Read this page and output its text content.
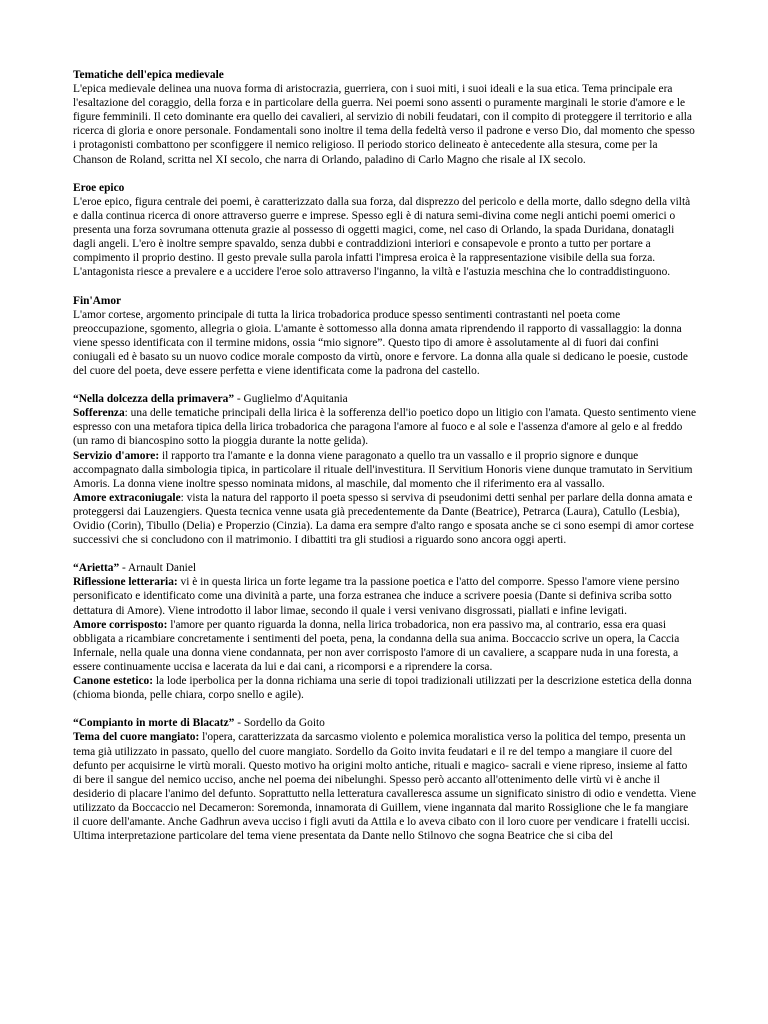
Tematiche dell'epica medievale

L'epica medievale delinea una nuova forma di aristocrazia, guerriera, con i suoi miti, i suoi ideali e la sua etica. Tema principale era l'esaltazione del coraggio, della forza e in particolare della guerra. Nei poemi sono assenti o puramente marginali le storie d'amore e le figure femminili. Il ceto dominante era quello dei cavalieri, al servizio di nobili feudatari, con il compito di proteggere il territorio e alla ricerca di gloria e onore personale. Fondamentali sono inoltre il tema della fedeltà verso il padrone e verso Dio, dal momento che spesso i protagonisti combattono per sconfiggere il nemico religioso. Il periodo storico delineato è antecedente alla stesura, come per la Chanson de Roland, scritta nel XI secolo, che narra di Orlando, paladino di Carlo Magno che risale al IX secolo.

Eroe epico

L'eroe epico, figura centrale dei poemi, è caratterizzato dalla sua forza, dal disprezzo del pericolo e della morte, dallo sdegno della viltà e dalla continua ricerca di onore attraverso guerre e imprese. Spesso egli è di natura semi-divina come negli antichi poemi omerici o presenta una forza sovrumana ottenuta grazie al possesso di oggetti magici, come, nel caso di Orlando, la spada Duridana, donatagli dagli angeli. L'ero è inoltre sempre spavaldo, senza dubbi e contraddizioni interiori e consapevole e pronto a tutto per portare a compimento il proprio destino. Il gesto prevale sulla parola infatti l'impresa eroica è la rappresentazione visibile della sua forza. L'antagonista riesce a prevalere e a uccidere l'eroe solo attraverso l'inganno, la viltà e l'astuzia meschina che lo contraddistinguono.

Fin'Amor

L'amor cortese, argomento principale di tutta la lirica trobadorica produce spesso sentimenti contrastanti nel poeta come preoccupazione, sgomento, allegria o gioia. L'amante è sottomesso alla donna amata riprendendo il rapporto di vassallaggio: la donna viene spesso identificata con il termine midons, ossia “mio signore”. Questo tipo di amore è assolutamente al di fuori dai confini coniugali ed è basato su un nuovo codice morale composto da virtù, onore e fervore. La donna alla quale si dedicano le poesie, custode del cuore del poeta, deve essere perfetta e viene identificata come la padrona del castello.

“Nella dolcezza della primavera” - Guglielmo d'Aquitania

Sofferenza: una delle tematiche principali della lirica è la sofferenza dell'io poetico dopo un litigio con l'amata. Questo sentimento viene espresso con una metafora tipica della lirica trobadorica che paragona l'amore al fuoco e al sole e l'assenza d'amore al gelo e al freddo (un ramo di biancospino sotto la pioggia durante la notte gelida).

Servizio d'amore: il rapporto tra l'amante e la donna viene paragonato a quello tra un vassallo e il proprio signore e dunque accompagnato dalla simbologia tipica, in particolare il rituale dell'investitura. Il Servitium Honoris viene dunque tramutato in Servitium Amoris. La donna viene inoltre spesso nominata midons, al maschile, dal momento che il riferimento era al vassallo.

Amore extraconiugale: vista la natura del rapporto il poeta spesso si serviva di pseudonimi detti senhal per parlare della donna amata e proteggersi dai Lauzengiers. Questa tecnica venne usata già precedentemente da Dante (Beatrice), Petrarca (Laura), Catullo (Lesbia), Ovidio (Corin), Tibullo (Delia) e Properzio (Cinzia). La dama era sempre d'alto rango e sposata anche se ci sono esempi di amor cortese successivi che si concludono con il matrimonio. I dibattiti tra gli studiosi a riguardo sono ancora oggi aperti.

“Arietta” - Arnault Daniel

Riflessione letteraria: vi è in questa lirica un forte legame tra la passione poetica e l'atto del comporre. Spesso l'amore viene persino personificato e identificato come una divinità a parte, una forza estranea che induce a scrivere poesia (Dante si definiva scriba sotto dettatura di Amore). Viene introdotto il labor limae, secondo il quale i versi venivano disgrossati, piallati e infine levigati.

Amore corrisposto: l'amore per quanto riguarda la donna, nella lirica trobadorica, non era passivo ma, al contrario, essa era quasi obbligata a ricambiare concretamente i sentimenti del poeta, pena, la condanna della sua anima. Boccaccio scrive un opera, la Caccia Infernale, nella quale una donna viene condannata, per non aver corrisposto l'amore di un cavaliere, a scappare nuda in una foresta, a essere continuamente uccisa e lacerata da lui e dai cani, a ricomporsi e a riprendere la corsa.

Canone estetico: la lode iperbolica per la donna richiama una serie di topoi tradizionali utilizzati per la descrizione estetica della donna (chioma bionda, pelle chiara, corpo snello e agile).

“Compianto in morte di Blacatz” - Sordello da Goito

Tema del cuore mangiato: l'opera, caratterizzata da sarcasmo violento e polemica moralistica verso la politica del tempo, presenta un tema già utilizzato in passato, quello del cuore mangiato. Sordello da Goito invita feudatari e il re del tempo a mangiare il cuore del defunto per acquisirne le virtù morali. Questo motivo ha origini molto antiche, rituali e magico- sacrali e viene ripreso, insieme al fatto di bere il sangue del nemico ucciso, anche nel poema dei nibelunghi. Spesso però accanto all'ottenimento delle virtù vi è anche il desiderio di placare l'animo del defunto. Soprattutto nella letteratura cavalleresca assume un significato sinistro di odio e vendetta. Viene utilizzato da Boccaccio nel Decameron: Soremonda, innamorata di Guillem, viene ingannata dal marito Rossiglione che le fa mangiare il cuore dell'amante. Anche Gadhrun aveva ucciso i figli avuti da Attila e lo aveva cibato con il loro cuore per vendicare i fratelli uccisi. Ultima interpretazione particolare del tema viene presentata da Dante nello Stilnovo che sogna Beatrice che si ciba del
